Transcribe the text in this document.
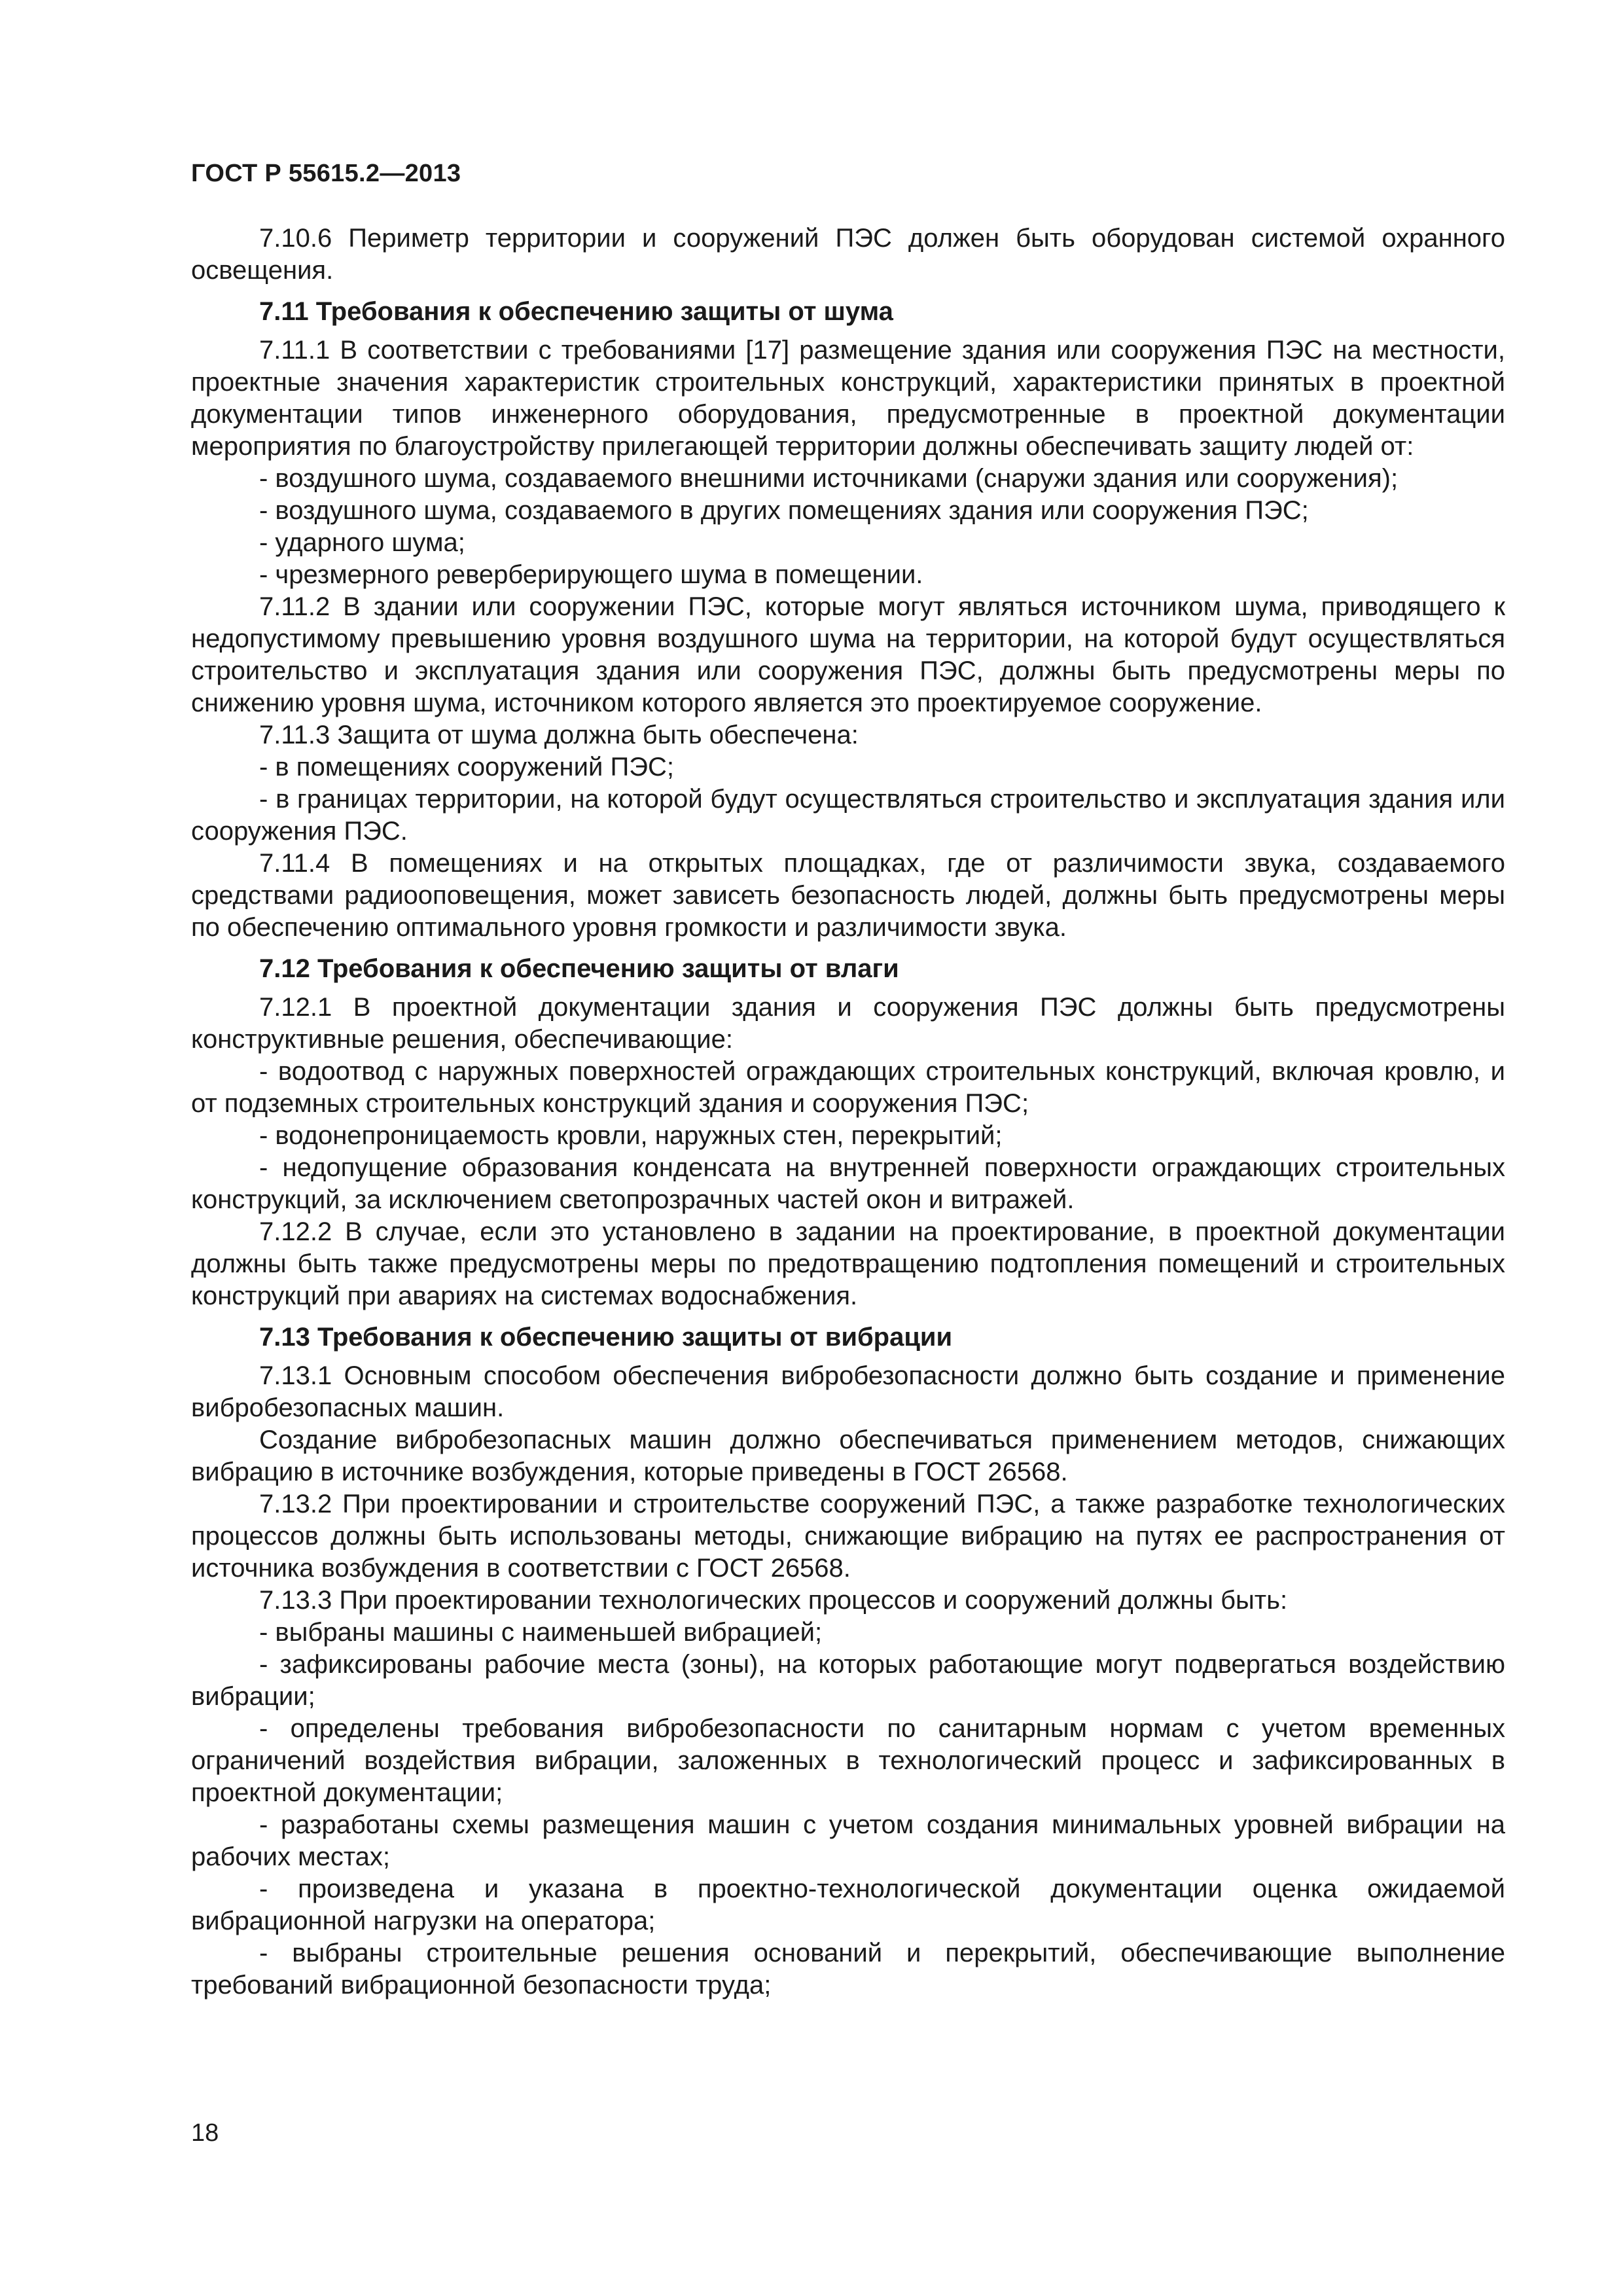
ГОСТ Р 55615.2—2013

7.10.6 Периметр территории и сооружений ПЭС должен быть оборудован системой охранного освещения.

7.11 Требования к обеспечению защиты от шума

7.11.1 В соответствии с требованиями [17] размещение здания или сооружения ПЭС на местности, проектные значения характеристик строительных конструкций, характеристики принятых в проектной документации типов инженерного оборудования, предусмотренные в проектной документации мероприятия по благоустройству прилегающей территории должны обеспечивать защиту людей от:

- воздушного шума, создаваемого внешними источниками (снаружи здания или сооружения);

- воздушного шума, создаваемого в других помещениях здания или сооружения ПЭС;

- ударного шума;

- чрезмерного реверберирующего шума в помещении.

7.11.2 В здании или сооружении ПЭС, которые могут являться источником шума, приводящего к недопустимому превышению уровня воздушного шума на территории, на которой будут осуществляться строительство и эксплуатация здания или сооружения ПЭС, должны быть предусмотрены меры по снижению уровня шума, источником которого является это проектируемое сооружение.

7.11.3 Защита от шума должна быть обеспечена:

- в помещениях сооружений ПЭС;

- в границах территории, на которой будут осуществляться строительство и эксплуатация здания или сооружения ПЭС.

7.11.4 В помещениях и на открытых площадках, где от различимости звука, создаваемого средствами радиооповещения, может зависеть безопасность людей, должны быть предусмотрены меры по обеспечению оптимального уровня громкости и различимости звука.

7.12 Требования к обеспечению защиты от влаги

7.12.1 В проектной документации здания и сооружения ПЭС должны быть предусмотрены конструктивные решения, обеспечивающие:

- водоотвод с наружных поверхностей ограждающих строительных конструкций, включая кровлю, и от подземных строительных конструкций здания и сооружения ПЭС;

- водонепроницаемость кровли, наружных стен, перекрытий;

- недопущение образования конденсата на внутренней поверхности ограждающих строительных конструкций, за исключением светопрозрачных частей окон и витражей.

7.12.2 В случае, если это установлено в задании на проектирование, в проектной документации должны быть также предусмотрены меры по предотвращению подтопления помещений и строительных конструкций при авариях на системах водоснабжения.

7.13 Требования к обеспечению защиты от вибрации

7.13.1 Основным способом обеспечения вибробезопасности должно быть создание и применение вибробезопасных машин.

Создание вибробезопасных машин должно обеспечиваться применением методов, снижающих вибрацию в источнике возбуждения, которые приведены в ГОСТ 26568.

7.13.2 При проектировании и строительстве сооружений ПЭС, а также разработке технологических процессов должны быть использованы методы, снижающие вибрацию на путях ее распространения от источника возбуждения в соответствии с ГОСТ 26568.

7.13.3 При проектировании технологических процессов и сооружений должны быть:

- выбраны машины с наименьшей вибрацией;

- зафиксированы рабочие места (зоны), на которых работающие могут подвергаться воздействию вибрации;

- определены требования вибробезопасности по санитарным нормам с учетом временных ограничений воздействия вибрации, заложенных в технологический процесс и зафиксированных в проектной документации;

- разработаны схемы размещения машин с учетом создания минимальных уровней вибрации на рабочих местах;

- произведена и указана в проектно-технологической документации оценка ожидаемой вибрационной нагрузки на оператора;

- выбраны строительные решения оснований и перекрытий, обеспечивающие выполнение требований вибрационной безопасности труда;

18
